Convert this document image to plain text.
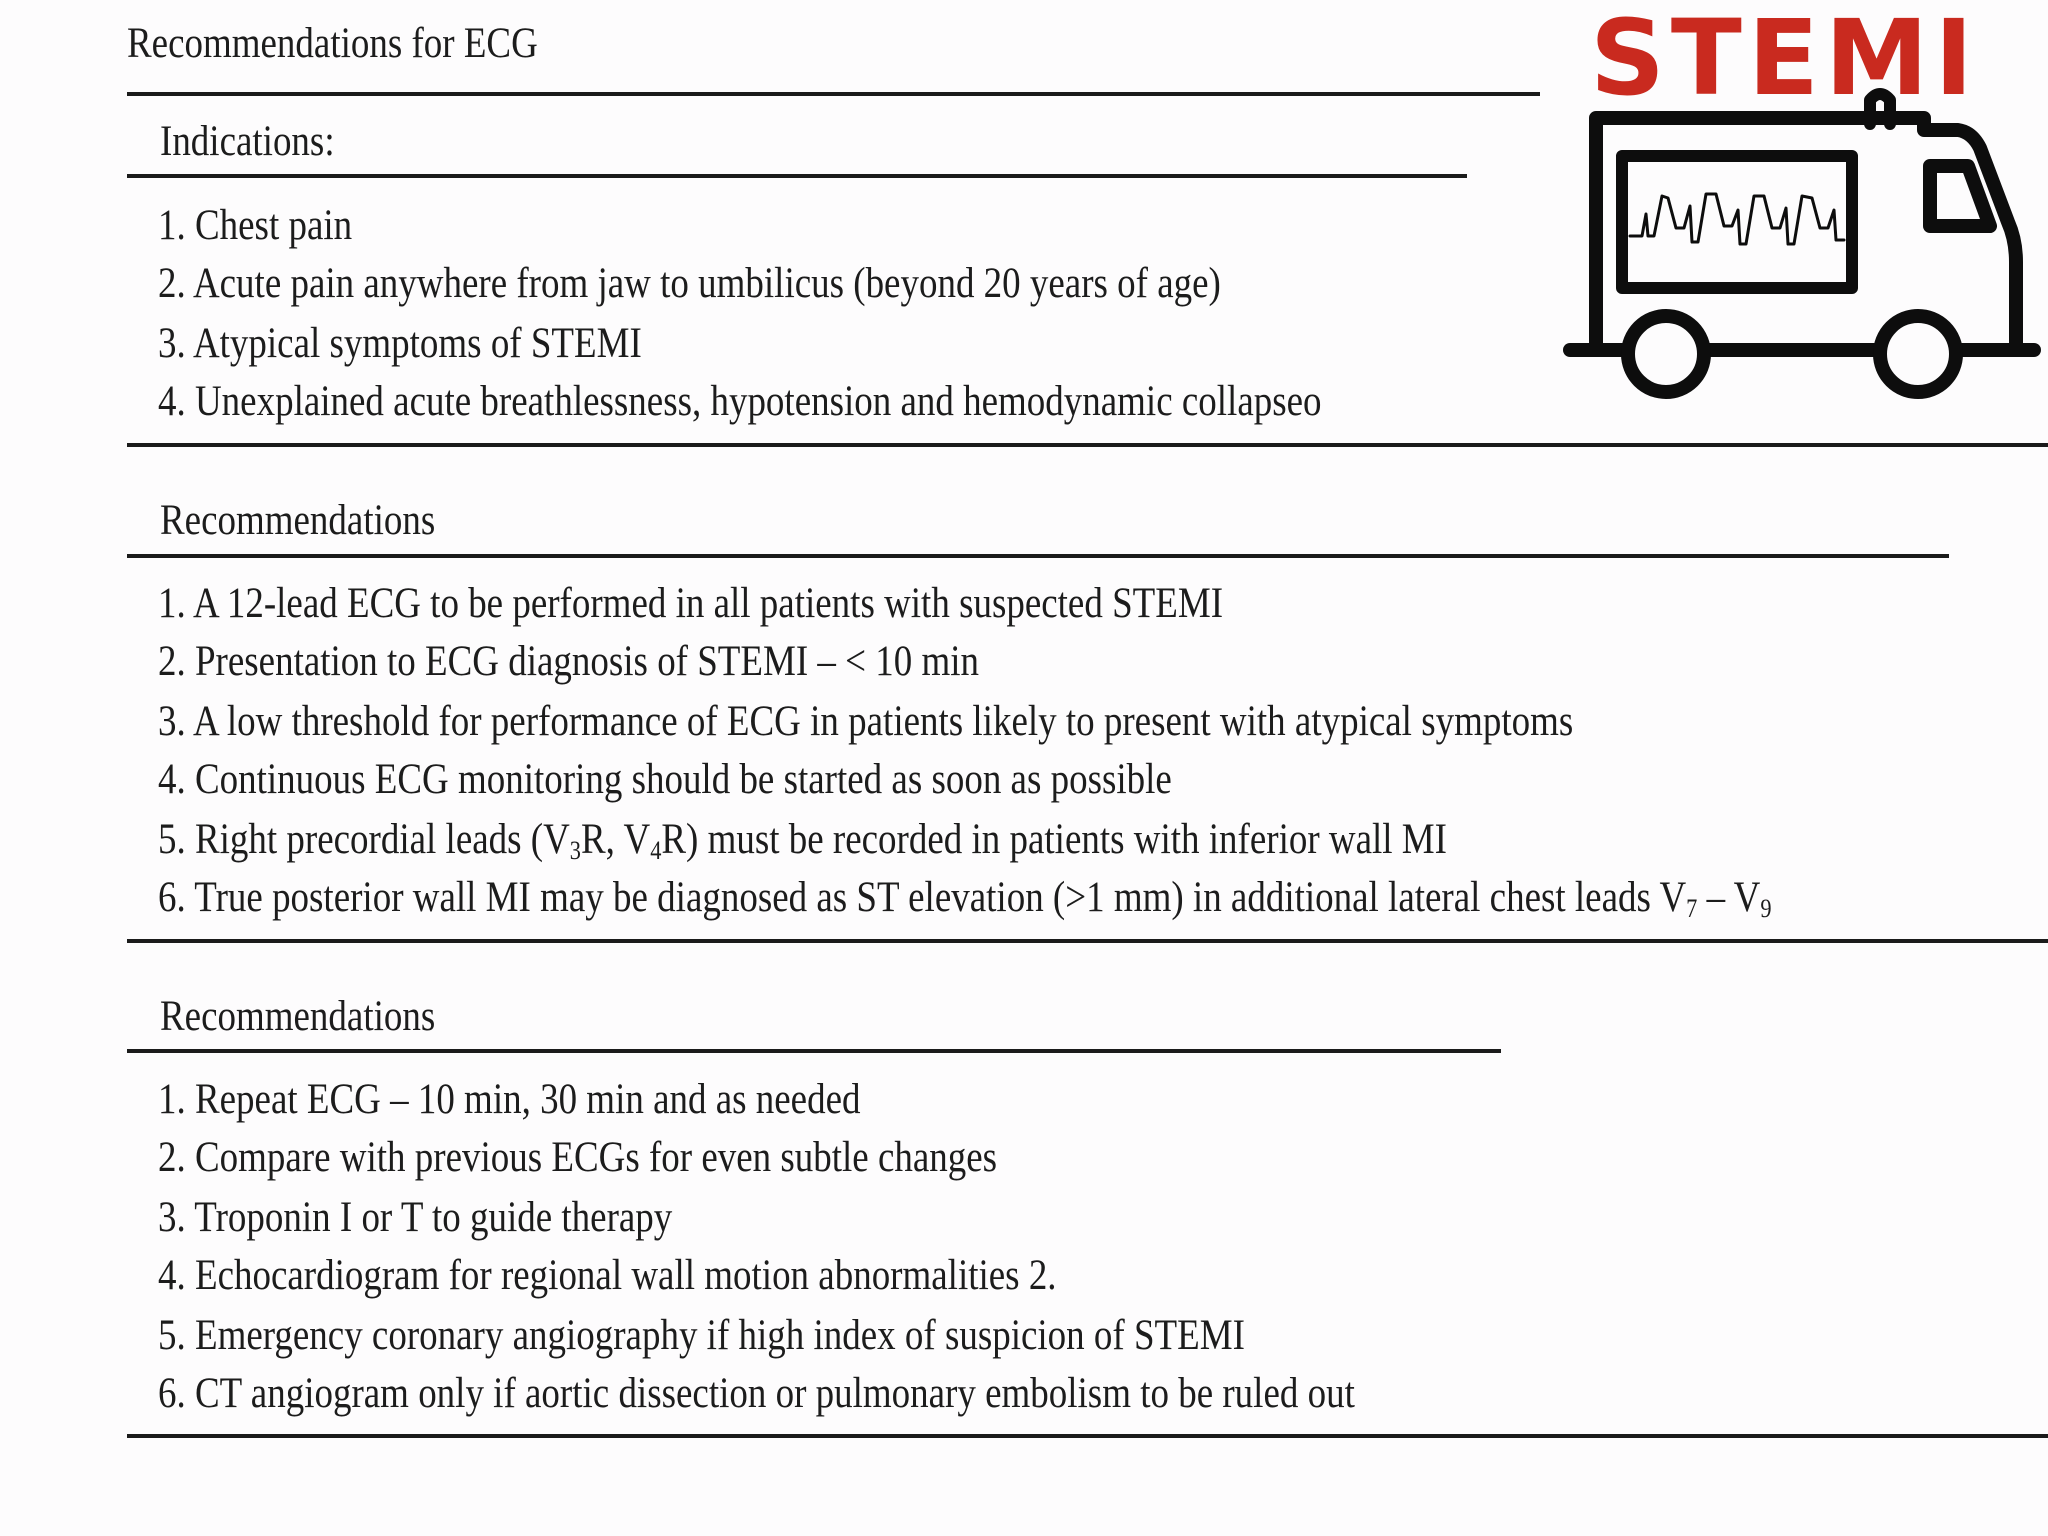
Recommendations for ECG
Indications:
1. Chest pain
2. Acute pain anywhere from jaw to umbilicus (beyond 20 years of age)
3. Atypical symptoms of STEMI
4. Unexplained acute breathlessness, hypotension and hemodynamic collapseo
Recommendations
1. A 12-lead ECG to be performed in all patients with suspected STEMI
2. Presentation to ECG diagnosis of STEMI – < 10 min
3. A low threshold for performance of ECG in patients likely to present with atypical symptoms
4. Continuous ECG monitoring should be started as soon as possible
5. Right precordial leads ($V_3R$, $V_4R$) must be recorded in patients with inferior wall MI
6. True posterior wall MI may be diagnosed as ST elevation (>1 mm) in additional lateral chest leads $V_7 - V_9$
Recommendations
1. Repeat ECG – 10 min, 30 min and as needed
2. Compare with previous ECGs for even subtle changes
3. Troponin I or T to guide therapy
4. Echocardiogram for regional wall motion abnormalities 2.
5. Emergency coronary angiography if high index of suspicion of STEMI
6. CT angiogram only if aortic dissection or pulmonary embolism to be ruled out
STEMI
